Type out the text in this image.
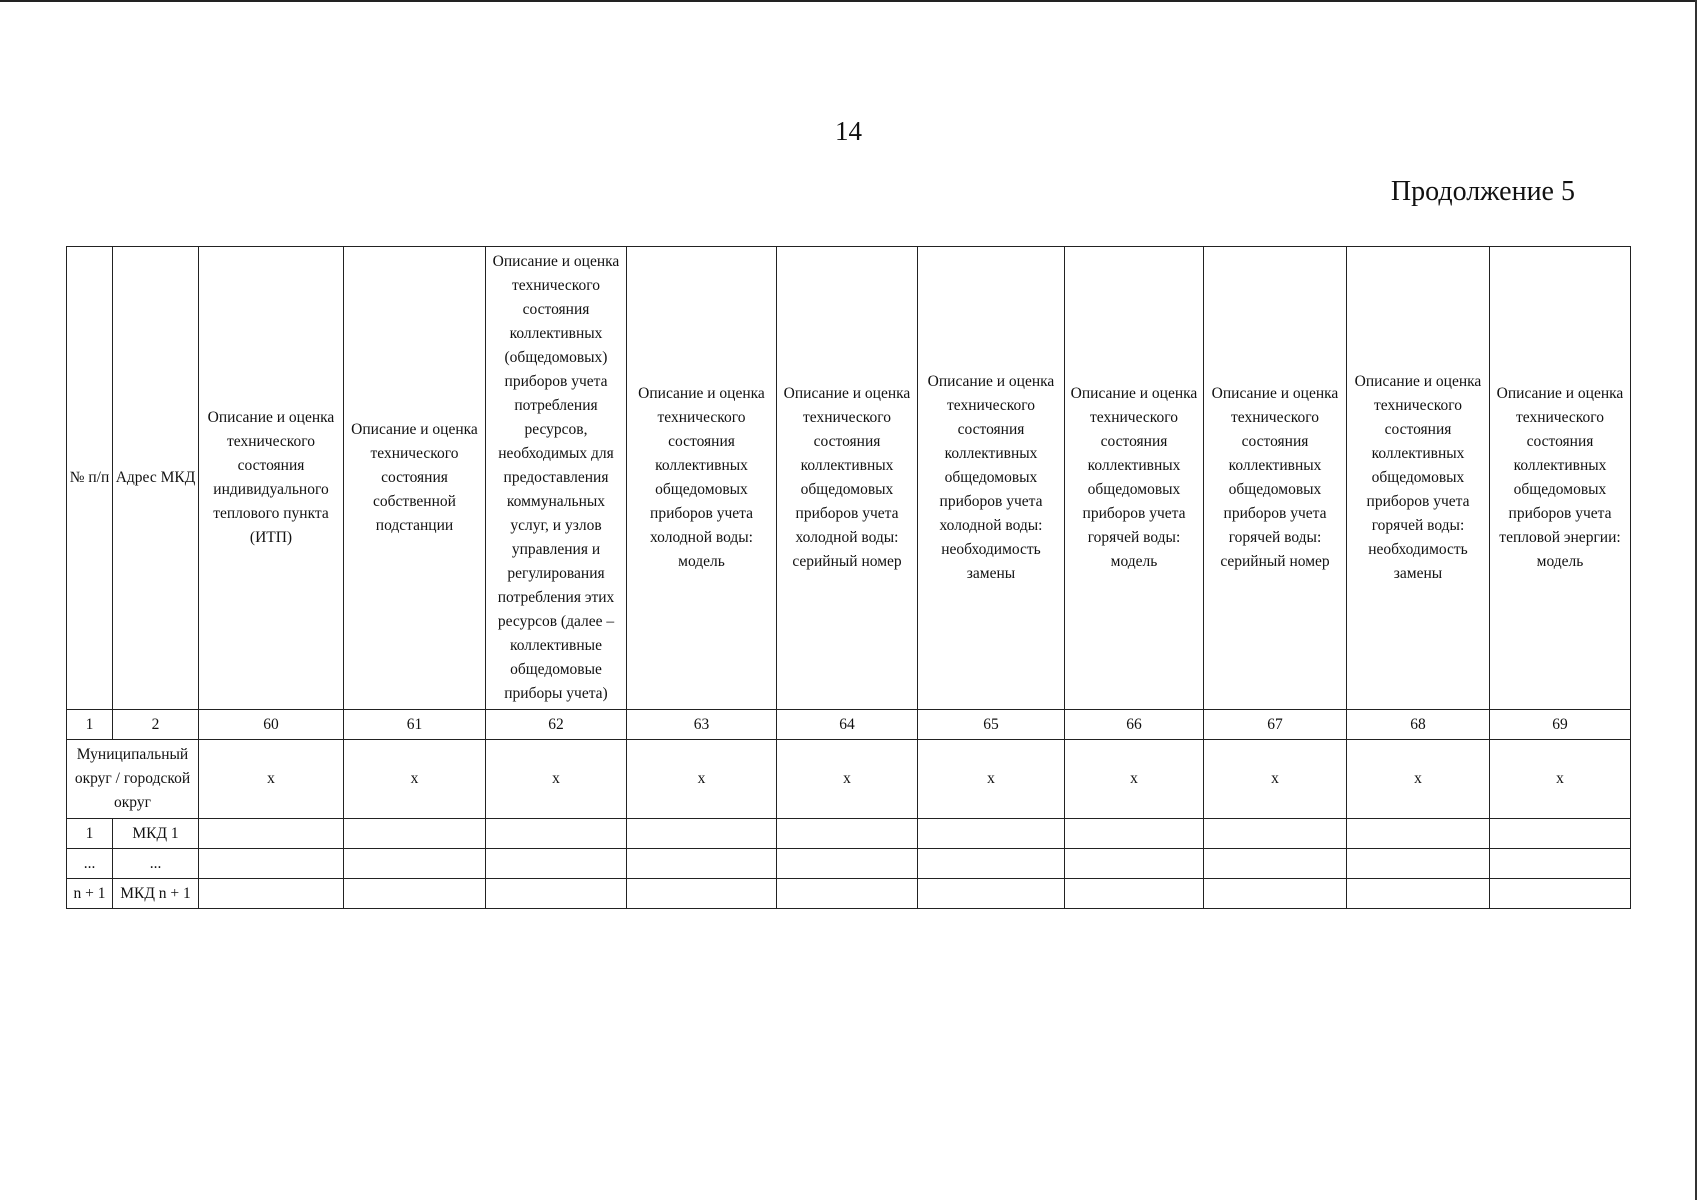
14
Продолжение 5
№ п/п	Адрес МКД	Описание и оценка технического состояния индивидуального теплового пункта (ИТП)	Описание и оценка технического состояния собственной подстанции	Описание и оценка технического состояния коллективных (общедомовых) приборов учета потребления ресурсов, необходимых для предоставления коммунальных услуг, и узлов управления и регулирования потребления этих ресурсов (далее – коллективные общедомовые приборы учета)	Описание и оценка технического состояния коллективных общедомовых приборов учета холодной воды: модель	Описание и оценка технического состояния коллективных общедомовых приборов учета холодной воды: серийный номер	Описание и оценка технического состояния коллективных общедомовых приборов учета холодной воды: необходимость замены	Описание и оценка технического состояния коллективных общедомовых приборов учета горячей воды: модель	Описание и оценка технического состояния коллективных общедомовых приборов учета горячей воды: серийный номер	Описание и оценка технического состояния коллективных общедомовых приборов учета горячей воды: необходимость замены	Описание и оценка технического состояния коллективных общедомовых приборов учета тепловой энергии: модель
1	2	60	61	62	63	64	65	66	67	68	69
Муниципальный округ / городской округ		x	x	x	x	x	x	x	x	x	x
1	МКД 1										
...	...										
n + 1	МКД n + 1										
